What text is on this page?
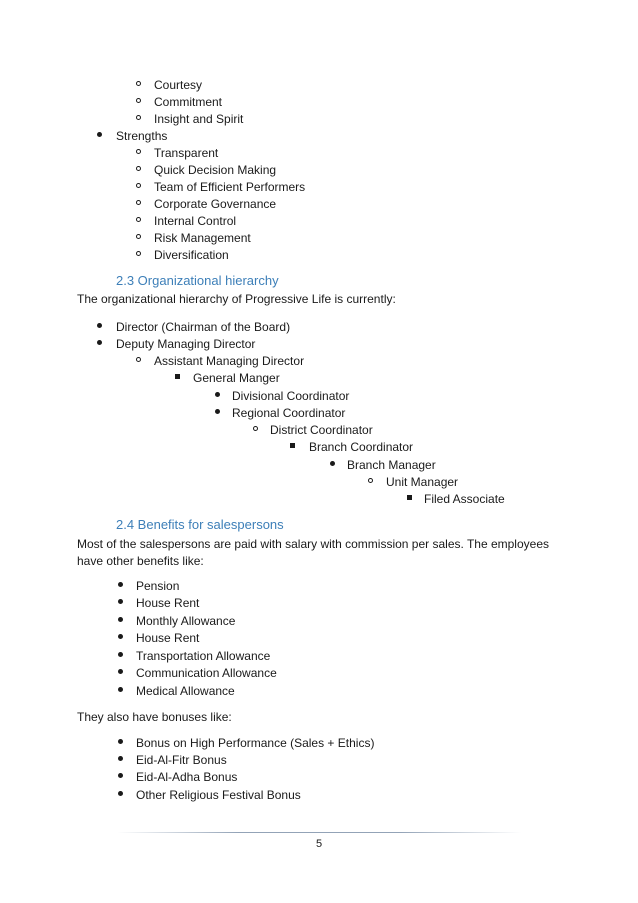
Courtesy
Commitment
Insight and Spirit
Strengths
Transparent
Quick Decision Making
Team of Efficient Performers
Corporate Governance
Internal Control
Risk Management
Diversification
2.3 Organizational hierarchy
The organizational hierarchy of Progressive Life is currently:
Director (Chairman of the Board)
Deputy Managing Director
Assistant Managing Director
General Manger
Divisional Coordinator
Regional Coordinator
District Coordinator
Branch Coordinator
Branch Manager
Unit Manager
Filed Associate
2.4 Benefits for salespersons
Most of the salespersons are paid with salary with commission per sales. The employees have other benefits like:
Pension
House Rent
Monthly Allowance
House Rent
Transportation Allowance
Communication Allowance
Medical Allowance
They also have bonuses like:
Bonus on High Performance (Sales + Ethics)
Eid-Al-Fitr Bonus
Eid-Al-Adha Bonus
Other Religious Festival Bonus
5
